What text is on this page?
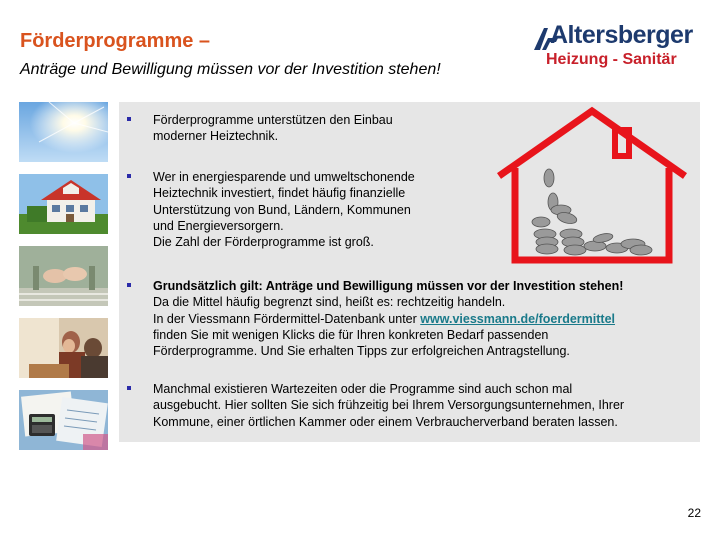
Förderprogramme –
Anträge und Bewilligung müssen vor der Investition stehen!
Altersberger
Heizung - Sanitär
Förderprogramme unterstützen den Einbau
moderner Heiztechnik.
Wer in energiesparende und umweltschonende
Heiztechnik investiert, findet häufig finanzielle
Unterstützung von Bund, Ländern, Kommunen
und Energieversorgern.
Die Zahl der Förderprogramme ist groß.
Grundsätzlich gilt: Anträge und Bewilligung müssen vor der Investition stehen!
Da die Mittel häufig begrenzt sind, heißt es: rechtzeitig handeln.
In der Viessmann Fördermittel-Datenbank unter www.viessmann.de/foerdermittel
finden Sie mit wenigen Klicks die für Ihren konkreten Bedarf passenden
Förderprogramme. Und Sie erhalten Tipps zur erfolgreichen Antragstellung.
Manchmal existieren Wartezeiten oder die Programme sind auch schon mal
ausgebucht. Hier sollten Sie sich frühzeitig bei Ihrem Versorgungsunternehmen, Ihrer
Kommune, einer örtlichen Kammer oder einem Verbraucherverband beraten lassen.
22
